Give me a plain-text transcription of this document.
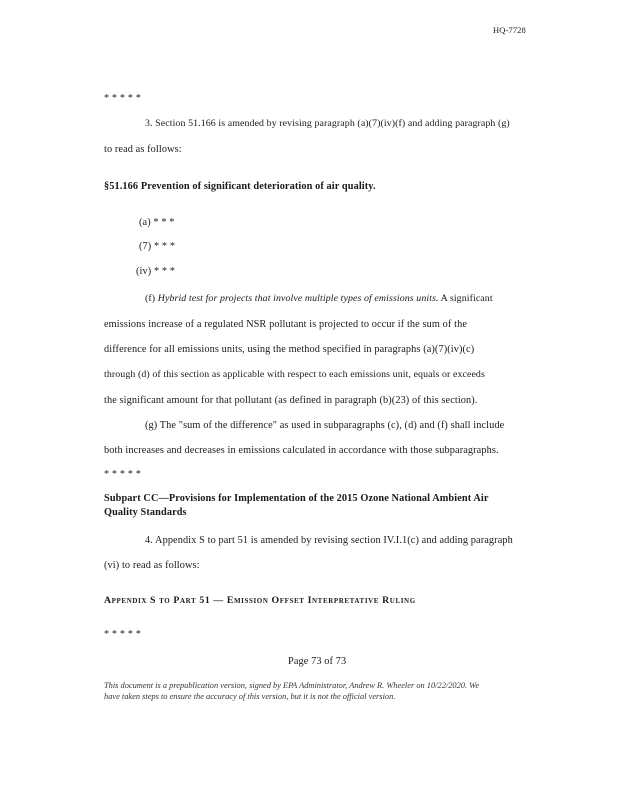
HQ-7728
* * * * *
3. Section 51.166 is amended by revising paragraph (a)(7)(iv)(f) and adding paragraph (g)
to read as follows:
§51.166 Prevention of significant deterioration of air quality.
(a) * * *
(7) * * *
(iv) * * *
(f) Hybrid test for projects that involve multiple types of emissions units. A significant
emissions increase of a regulated NSR pollutant is projected to occur if the sum of the
difference for all emissions units, using the method specified in paragraphs (a)(7)(iv)(c)
through (d) of this section as applicable with respect to each emissions unit, equals or exceeds
the significant amount for that pollutant (as defined in paragraph (b)(23) of this section).
(g) The "sum of the difference" as used in subparagraphs (c), (d) and (f) shall include
both increases and decreases in emissions calculated in accordance with those subparagraphs.
* * * * *
Subpart CC—Provisions for Implementation of the 2015 Ozone National Ambient Air Quality Standards
4. Appendix S to part 51 is amended by revising section IV.I.1(c) and adding paragraph
(vi) to read as follows:
Appendix S to Part 51 — Emission Offset Interpretative Ruling
* * * * *
Page 73 of 73
This document is a prepublication version, signed by EPA Administrator, Andrew R. Wheeler on 10/22/2020. We
have taken steps to ensure the accuracy of this version, but it is not the official version.
